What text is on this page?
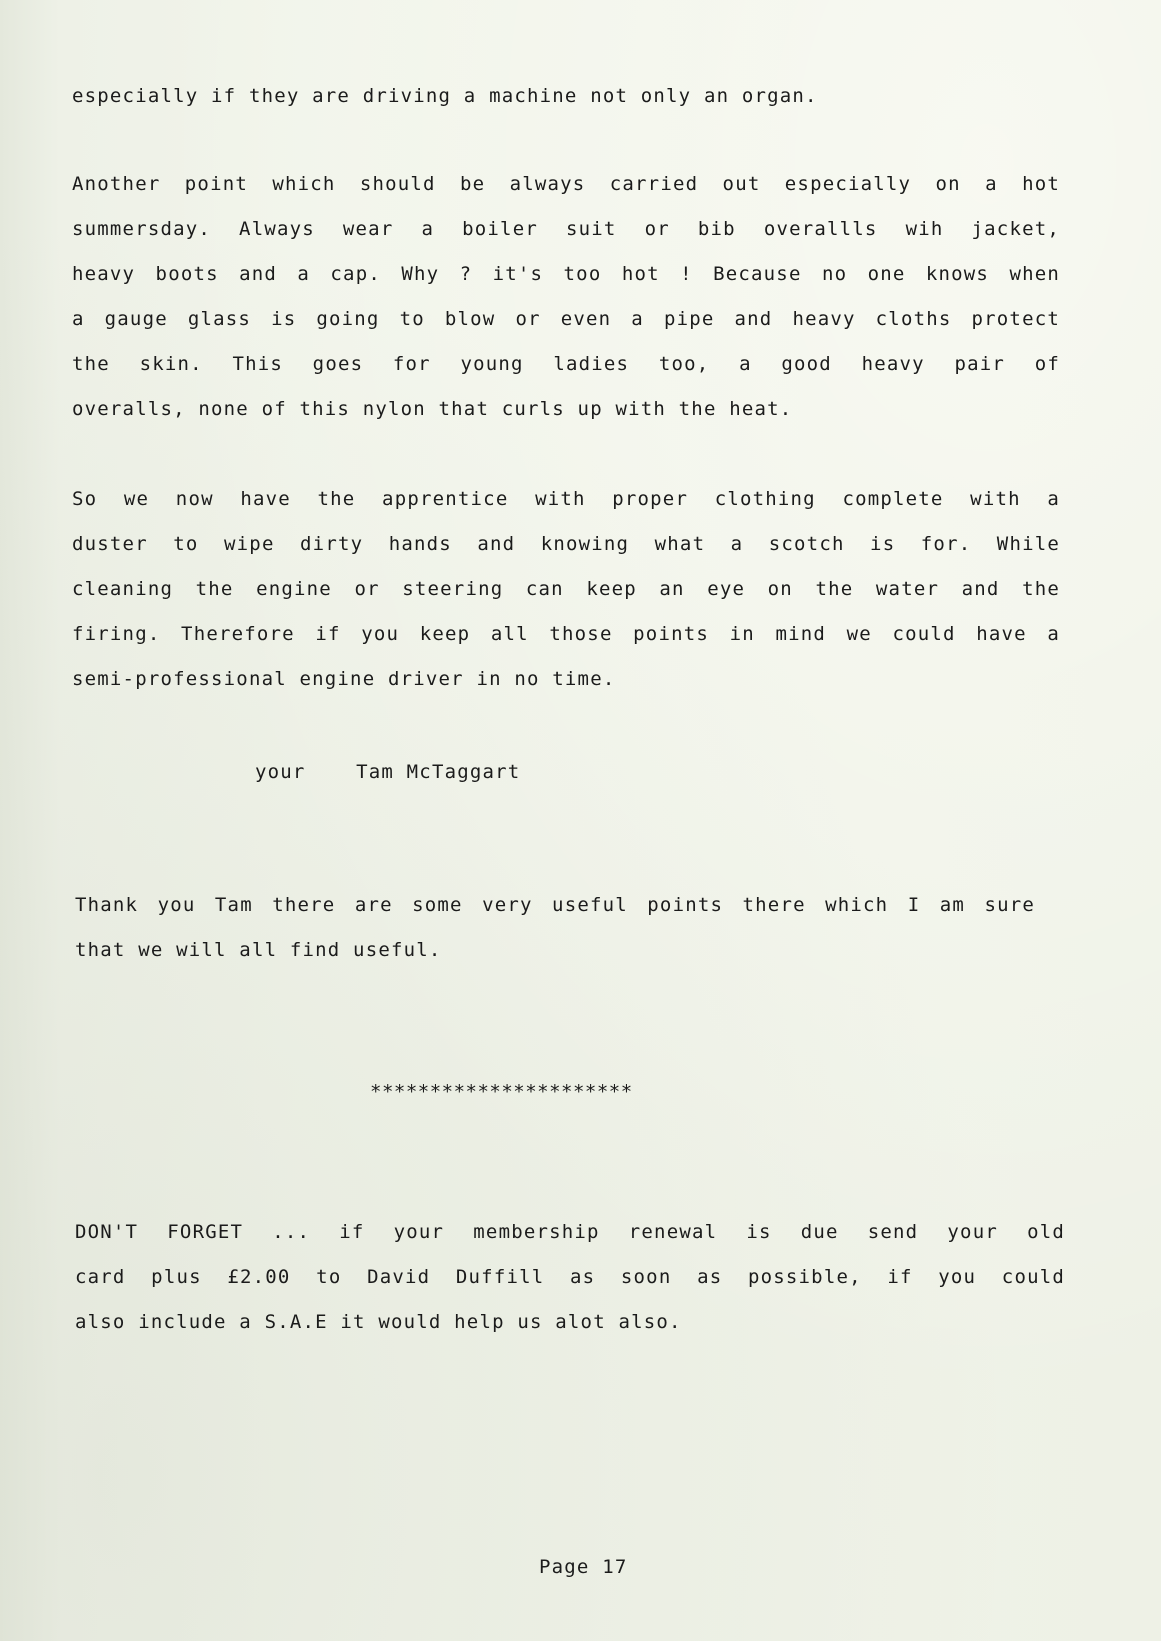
especially if they are driving a machine not only an organ.

Another point which should be always carried out especially on a hot

summersday. Always wear a boiler suit or bib overallls wih jacket,

heavy boots and a cap. Why ? it's too hot ! Because no one knows when

a gauge glass is going to blow or even a pipe and heavy cloths protect

the skin. This goes for young ladies too, a good heavy pair of

overalls, none of this nylon that curls up with the heat.

So we now have the apprentice with proper clothing complete with a

duster to wipe dirty hands and knowing what a scotch is for. While

cleaning the engine or steering can keep an eye on the water and the

firing. Therefore if you keep all those points in mind we could have a

semi-professional engine driver in no time.

your    Tam McTaggart

Thank you Tam there are some very useful points there which I am sure

that we will all find useful.

**********************

DON'T FORGET ... if your membership renewal is due send your old

card plus £2.00 to David Duffill as soon as possible, if you could

also include a S.A.E it would help us alot also.

Page 17
